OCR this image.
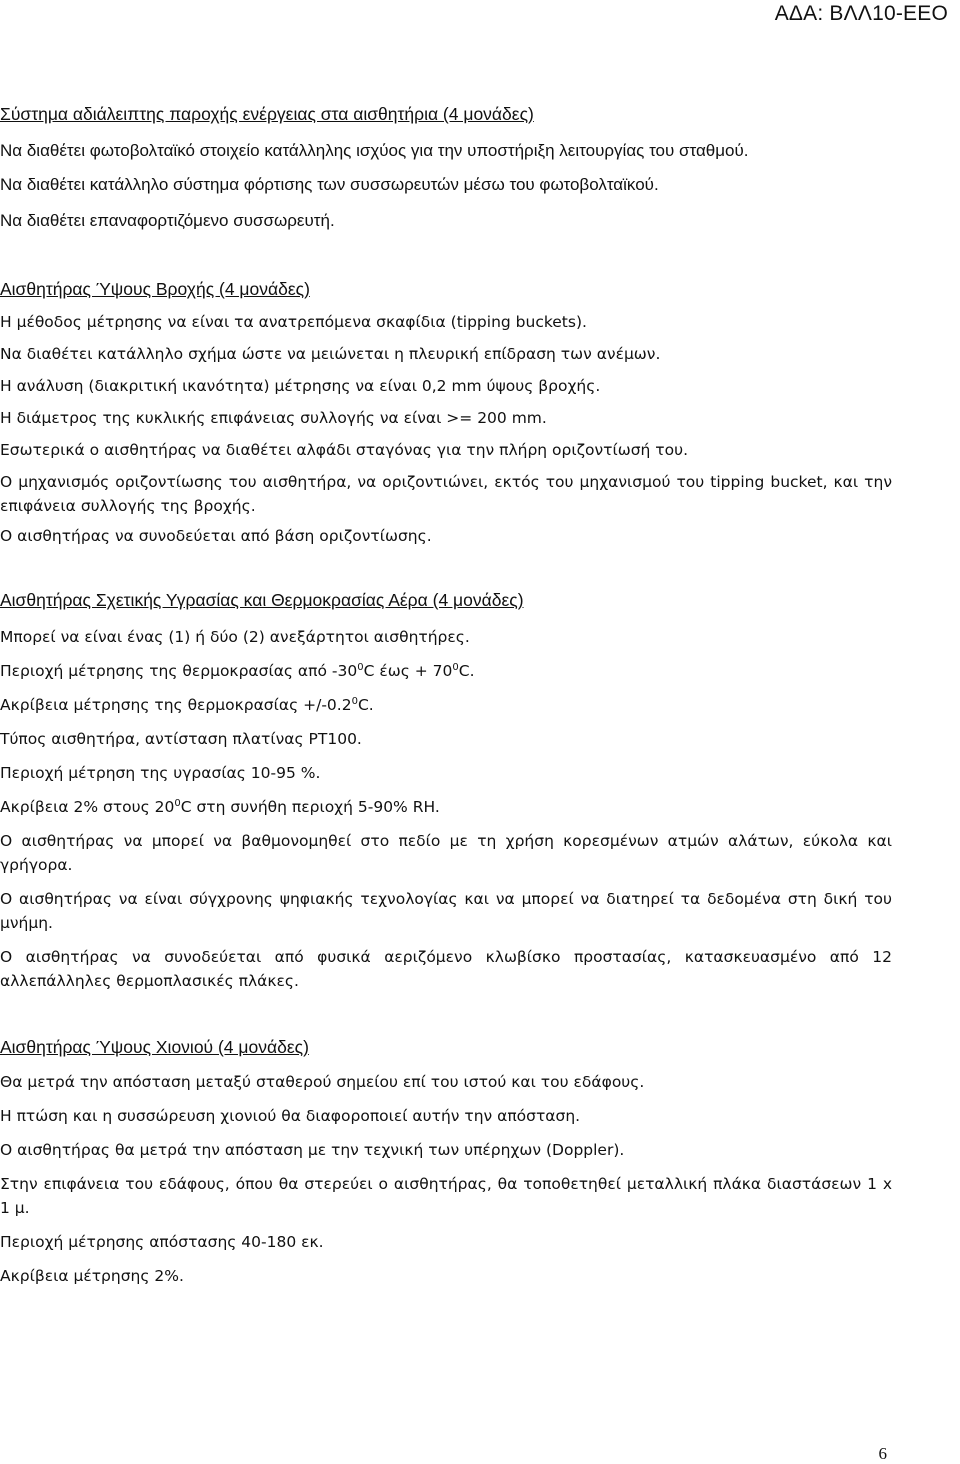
ΑΔΑ: ΒΛΛ10-ΕΕΟ

Σύστημα αδιάλειπτης παροχής ενέργειας στα αισθητήρια (4 μονάδες)

Να διαθέτει φωτοβολταϊκό στοιχείο κατάλληλης ισχύος για την υποστήριξη λειτουργίας του σταθμού.

Να διαθέτει κατάλληλο σύστημα φόρτισης των συσσωρευτών μέσω του φωτοβολταϊκού.

Να διαθέτει επαναφορτιζόμενο συσσωρευτή.

Αισθητήρας Ύψους Βροχής (4 μονάδες)

Η μέθοδος μέτρησης να είναι τα ανατρεπόμενα σκαφίδια (tipping buckets).

Να διαθέτει κατάλληλο σχήμα ώστε να μειώνεται η πλευρική επίδραση των ανέμων.

Η ανάλυση (διακριτική ικανότητα) μέτρησης να είναι 0,2 mm ύψους βροχής.

Η διάμετρος της κυκλικής επιφάνειας συλλογής να είναι >= 200 mm.

Εσωτερικά ο αισθητήρας να διαθέτει αλφάδι σταγόνας για την πλήρη οριζοντίωσή του.

Ο μηχανισμός οριζοντίωσης του αισθητήρα, να οριζοντιώνει, εκτός του μηχανισμού του tipping bucket, και την επιφάνεια συλλογής της βροχής.

Ο αισθητήρας να συνοδεύεται από βάση οριζοντίωσης.

Αισθητήρας Σχετικής Υγρασίας και Θερμοκρασίας Αέρα (4 μονάδες)

Μπορεί να είναι ένας (1) ή δύο (2) ανεξάρτητοι αισθητήρες.

Περιοχή μέτρησης της θερμοκρασίας από $-30^0C$ $έ\omega\varsigma + 70^0C$.

Ακρίβεια μέτρησης της $\theta\varepsilon\rho\mu o\kappa\rho\alpha\sigma ί\alpha\varsigma +/-0.2^0C$.

Τύπος αισθητήρα, αντίσταση πλατίνας PT100.

Περιοχή μέτρηση της υγρασίας 10-95 %.

Ακρίβεια 2% στους $20^0C$ στη συνήθη περιοχή 5-90% RH.

Ο αισθητήρας να μπορεί να βαθμονομηθεί στο πεδίο με τη χρήση κορεσμένων ατμών αλάτων, εύκολα και γρήγορα.

Ο αισθητήρας να είναι σύγχρονης ψηφιακής τεχνολογίας και να μπορεί να διατηρεί τα δεδομένα στη δική του μνήμη.

Ο αισθητήρας να συνοδεύεται από φυσικά αεριζόμενο κλωβίσκο προστασίας, κατασκευασμένο από 12 αλλεπάλληλες θερμοπλασικές πλάκες.

Αισθητήρας Ύψους Χιονιού (4 μονάδες)

Θα μετρά την απόσταση μεταξύ σταθερού σημείου επί του ιστού και του εδάφους.

Η πτώση και η συσσώρευση χιονιού θα διαφοροποιεί αυτήν την απόσταση.

Ο αισθητήρας θα μετρά την απόσταση με την τεχνική των υπέρηχων (Doppler).

Στην επιφάνεια του εδάφους, όπου θα στερεύει ο αισθητήρας, θα τοποθετηθεί μεταλλική πλάκα διαστάσεων 1 x 1 μ.

Περιοχή μέτρησης απόστασης 40-180 εκ.

Ακρίβεια μέτρησης 2%.

6
